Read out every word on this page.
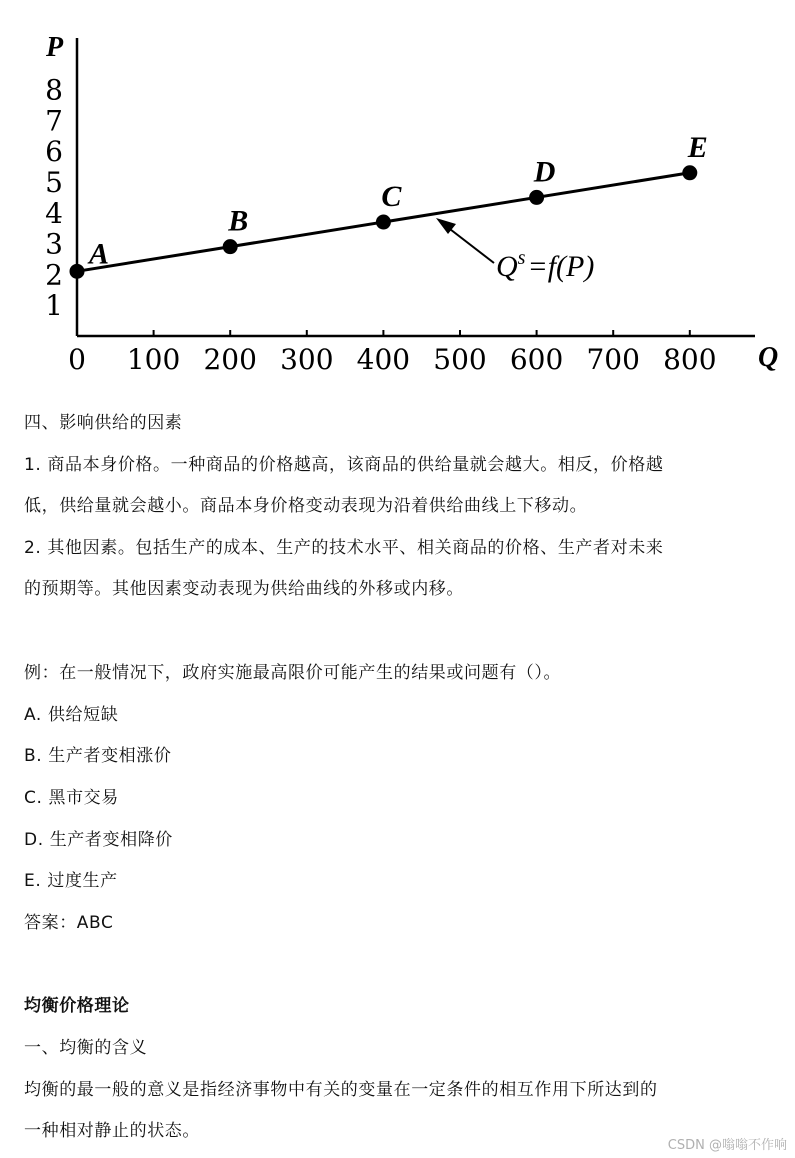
P
Q
1
2
3
4
5
6
7
8
0 100 200 300 400 500 600 700 800
A
B
C
D
E
$Q^s=f(P)$
四、影响供给的因素
1. 商品本身价格。一种商品的价格越高，该商品的供给量就会越大。相反，价格越
低，供给量就会越小。商品本身价格变动表现为沿着供给曲线上下移动。
2. 其他因素。包括生产的成本、生产的技术水平、相关商品的价格、生产者对未来
的预期等。其他因素变动表现为供给曲线的外移或内移。
例：在一般情况下，政府实施最高限价可能产生的结果或问题有（）。
A. 供给短缺
B. 生产者变相涨价
C. 黑市交易
D. 生产者变相降价
E. 过度生产
答案：ABC
均衡价格理论
一、均衡的含义
均衡的最一般的意义是指经济事物中有关的变量在一定条件的相互作用下所达到的
一种相对静止的状态。
CSDN @嗡嗡不作响
